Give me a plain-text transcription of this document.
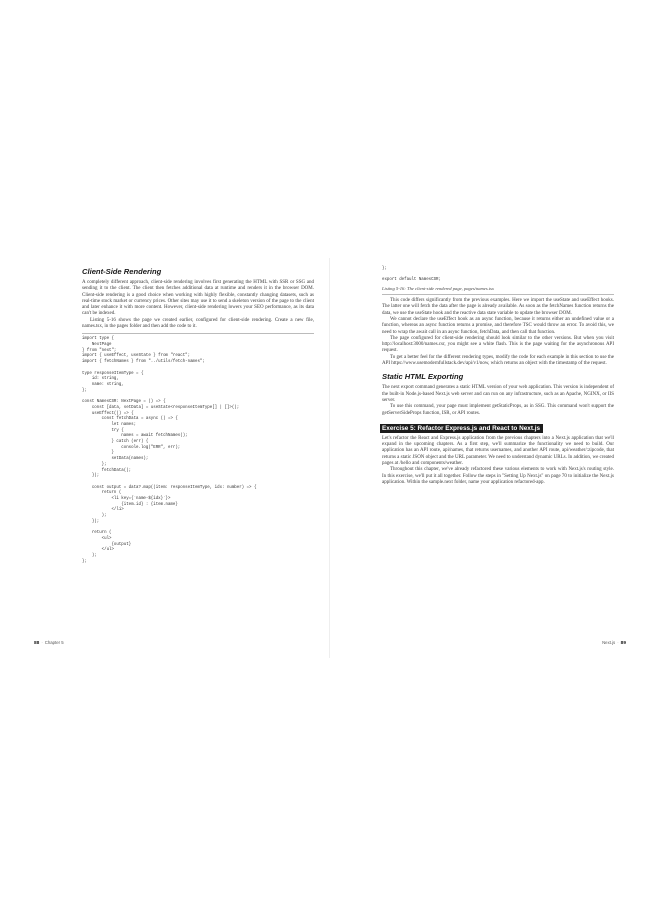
Client-Side Rendering

A completely different approach, client-side rendering involves first generating the HTML with SSR or SSG and sending it to the client. The client then fetches additional data at runtime and renders it in the browser DOM. Client-side rendering is a good choice when working with highly flexible, constantly changing datasets, such as real-time stock market or currency prices. Other sites may use it to send a skeleton version of the page to the client and later enhance it with more content. However, client-side rendering lowers your SEO performance, as its data can't be indexed.

Listing 5-16 shows the page we created earlier, configured for client-side rendering. Create a new file, names.tsx, in the pages folder and then add the code to it.

import type {
NextPage
} from "next";
import { useEffect, useState } from "react";
import { fetchNames } from "../utils/fetch-names";

type responseItemType = {
id: string,
name: string,
};

const NamesCSR: NextPage = () => {
const [data, setData] = useState<responseItemType[] | []>();
useEffect(() => {
const fetchData = async () => {
let names;
try {
names = await fetchNames();
} catch (err) {
console.log("ERR", err);
}
setData(names);
};
fetchData();
});

const output = data?.map((item: responseItemType, idx: number) => {
return (
<li key={`name-${idx}`}>
{item.id} : {item.name}
</li>
);
});

return (
<ul>
{output}
</ul>
);
};
88 · Chapter 5
};

export default NamesCSR;
Listing 5-16: The client-side rendered page, pages/names.tsx

This code differs significantly from the previous examples. Here we import the useState and useEffect hooks. The latter one will fetch the data after the page is already available. As soon as the fetchNames function returns the data, we use the useState hook and the reactive data state variable to update the browser DOM.

We cannot declare the useEffect hook as an async function, because it returns either an undefined value or a function, whereas an async function returns a promise, and therefore TSC would throw an error. To avoid this, we need to wrap the await call in an async function, fetchData, and then call that function.

The page configured for client-side rendering should look similar to the other versions. But when you visit http://localhost:3000/names.csr, you might see a white flash. This is the page waiting for the asynchronous API request.

To get a better feel for the different rendering types, modify the code for each example in this section to use the API https://www.usemodernfullstack.dev/api/v1/now, which returns an object with the timestamp of the request.

Static HTML Exporting

The next export command generates a static HTML version of your web application. This version is independent of the built-in Node.js-based Next.js web server and can run on any infrastructure, such as an Apache, NGINX, or IIS server.

To use this command, your page must implement getStaticProps, as in SSG. This command won't support the getServerSideProps function, ISR, or API routes.

Exercise 5: Refactor Express.js and React to Next.js

Let's refactor the React and Express.js application from the previous chapters into a Next.js application that we'll expand in the upcoming chapters. As a first step, we'll summarize the functionality we need to build. Our application has an API route, api/names, that returns usernames, and another API route, api/weather/:zipcode, that returns a static JSON object and the URL parameter. We need to understand dynamic URLs. In addition, we created pages at /hello and components/weather.

Throughout this chapter, we've already refactored these various elements to work with Next.js's routing style. In this exercise, we'll put it all together. Follow the steps in "Setting Up Next.js" on page 70 to initialize the Next.js application. Within the sample.next folder, name your application refactored-app.

Next.js · 89
